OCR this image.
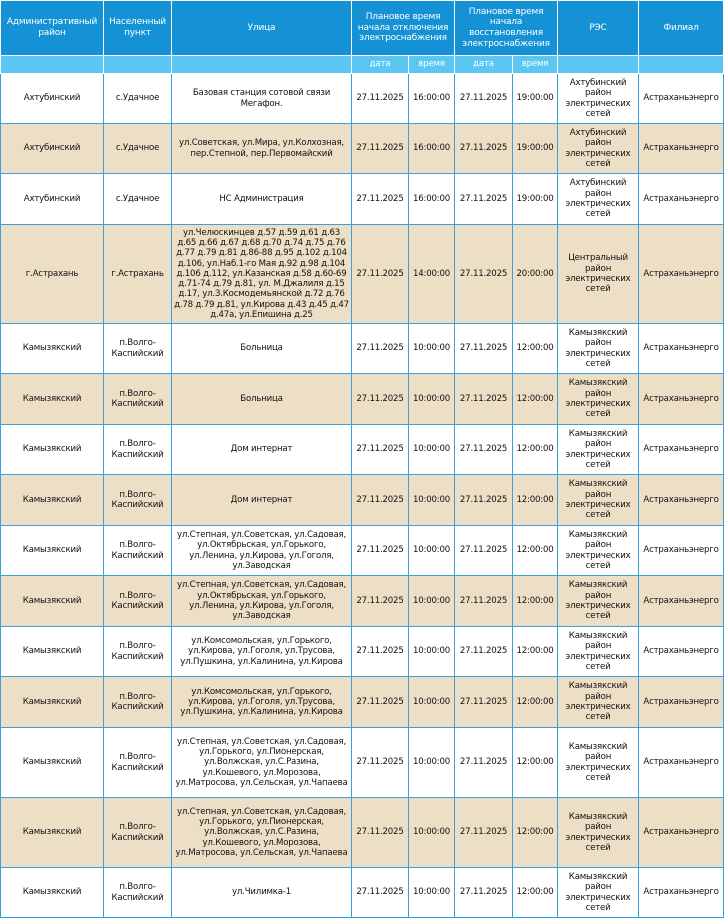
Административный район	Населенный пункт	Улица	Плановое время начала отключения электроснабжения		Плановое время начала восстановления электроснабжения		РЭС	Филиал
			дата	время	дата	время		
Ахтубинский	с.Удачное	Базовая станция сотовой связи Мегафон.	27.11.2025	16:00:00	27.11.2025	19:00:00	Ахтубинский район электрических сетей	Астраханьэнерго
Ахтубинский	с.Удачное	ул.Советская, ул.Мира, ул.Колхозная, пер.Степной, пер.Первомайский	27.11.2025	16:00:00	27.11.2025	19:00:00	Ахтубинский район электрических сетей	Астраханьэнерго
Ахтубинский	с.Удачное	НС Администрация	27.11.2025	16:00:00	27.11.2025	19:00:00	Ахтубинский район электрических сетей	Астраханьэнерго
г.Астрахань	г.Астрахань	ул.Челюскинцев д.57 д.59 д.61 д.63 д.65 д.66 д.67 д.68 д.70 д.74 д.75 д.76 д.77 д.79 д.81 д.86-88 д.95 д.102 д.104 д.106, ул.Наб.1-го Мая д.92 д.98 д.104 д.106 д.112, ул.Казанская д.58 д.60-69 д.71-74 д.79 д.81, ул. М.Джалиля д.15 д.17, ул.З.Космодемьянской д.72 д.76 д.78 д.79 д.81, ул.Кирова д.43 д.45 д.47 д.47а, ул.Епишина д.25	27.11.2025	14:00:00	27.11.2025	20:00:00	Центральный район электрических сетей	Астраханьэнерго
Камызякский	п.Волго-Каспийский	Больница	27.11.2025	10:00:00	27.11.2025	12:00:00	Камызякский район электрических сетей	Астраханьэнерго
Камызякский	п.Волго-Каспийский	Больница	27.11.2025	10:00:00	27.11.2025	12:00:00	Камызякский район электрических сетей	Астраханьэнерго
Камызякский	п.Волго-Каспийский	Дом интернат	27.11.2025	10:00:00	27.11.2025	12:00:00	Камызякский район электрических сетей	Астраханьэнерго
Камызякский	п.Волго-Каспийский	Дом интернат	27.11.2025	10:00:00	27.11.2025	12:00:00	Камызякский район электрических сетей	Астраханьэнерго
Камызякский	п.Волго-Каспийский	ул.Степная, ул.Советская, ул.Садовая, ул.Октябрьская, ул.Горького, ул.Ленина, ул.Кирова, ул.Гоголя, ул.Заводская	27.11.2025	10:00:00	27.11.2025	12:00:00	Камызякский район электрических сетей	Астраханьэнерго
Камызякский	п.Волго-Каспийский	ул.Степная, ул.Советская, ул.Садовая, ул.Октябрьская, ул.Горького, ул.Ленина, ул.Кирова, ул.Гоголя, ул.Заводская	27.11.2025	10:00:00	27.11.2025	12:00:00	Камызякский район электрических сетей	Астраханьэнерго
Камызякский	п.Волго-Каспийский	ул.Комсомольская, ул.Горького, ул.Кирова, ул.Гоголя, ул.Трусова, ул.Пушкина, ул.Калинина, ул.Кирова	27.11.2025	10:00:00	27.11.2025	12:00:00	Камызякский район электрических сетей	Астраханьэнерго
Камызякский	п.Волго-Каспийский	ул.Комсомольская, ул.Горького, ул.Кирова, ул.Гоголя, ул.Трусова, ул.Пушкина, ул.Калинина, ул.Кирова	27.11.2025	10:00:00	27.11.2025	12:00:00	Камызякский район электрических сетей	Астраханьэнерго
Камызякский	п.Волго-Каспийский	ул.Степная, ул.Советская, ул.Садовая, ул.Горького, ул.Пионерская, ул.Волжская, ул.С.Разина, ул.Кошевого, ул.Морозова, ул.Матросова, ул.Сельская, ул.Чапаева	27.11.2025	10:00:00	27.11.2025	12:00:00	Камызякский район электрических сетей	Астраханьэнерго
Камызякский	п.Волго-Каспийский	ул.Степная, ул.Советская, ул.Садовая, ул.Горького, ул.Пионерская, ул.Волжская, ул.С.Разина, ул.Кошевого, ул.Морозова, ул.Матросова, ул.Сельская, ул.Чапаева	27.11.2025	10:00:00	27.11.2025	12:00:00	Камызякский район электрических сетей	Астраханьэнерго
Камызякский	п.Волго-Каспийский	ул.Чилимка-1	27.11.2025	10:00:00	27.11.2025	12:00:00	Камызякский район электрических сетей	Астраханьэнерго
